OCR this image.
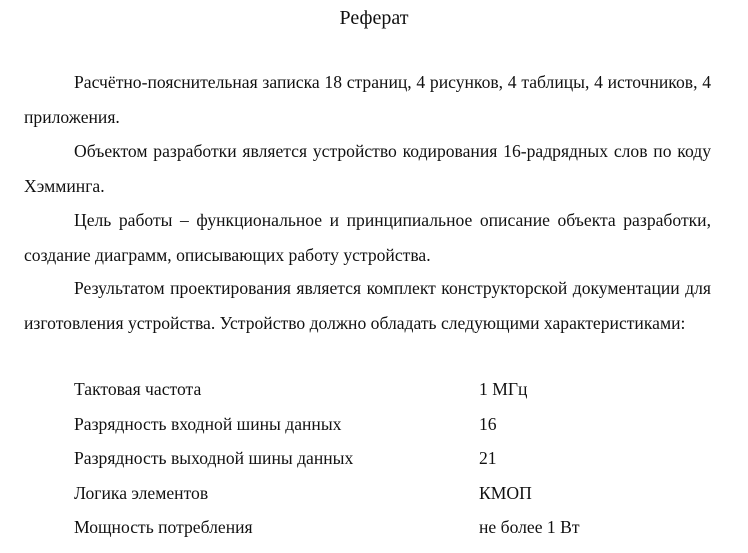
Реферат

Расчётно-пояснительная записка 18 страниц, 4 рисунков, 4 таблицы, 4 источников, 4 приложения.

Объектом разработки является устройство кодирования 16-радрядных слов по коду Хэмминга.

Цель работы – функциональное и принципиальное описание объекта разработки, создание диаграмм, описывающих работу устройства.

Результатом проектирования является комплект конструкторской документации для изготовления устройства. Устройство должно обладать следующими характеристиками:

Тактовая частота	1 МГц
Разрядность входной шины данных	16
Разрядность выходной шины данных	21
Логика элементов	КМОП
Мощность потребления	не более 1 Вт
